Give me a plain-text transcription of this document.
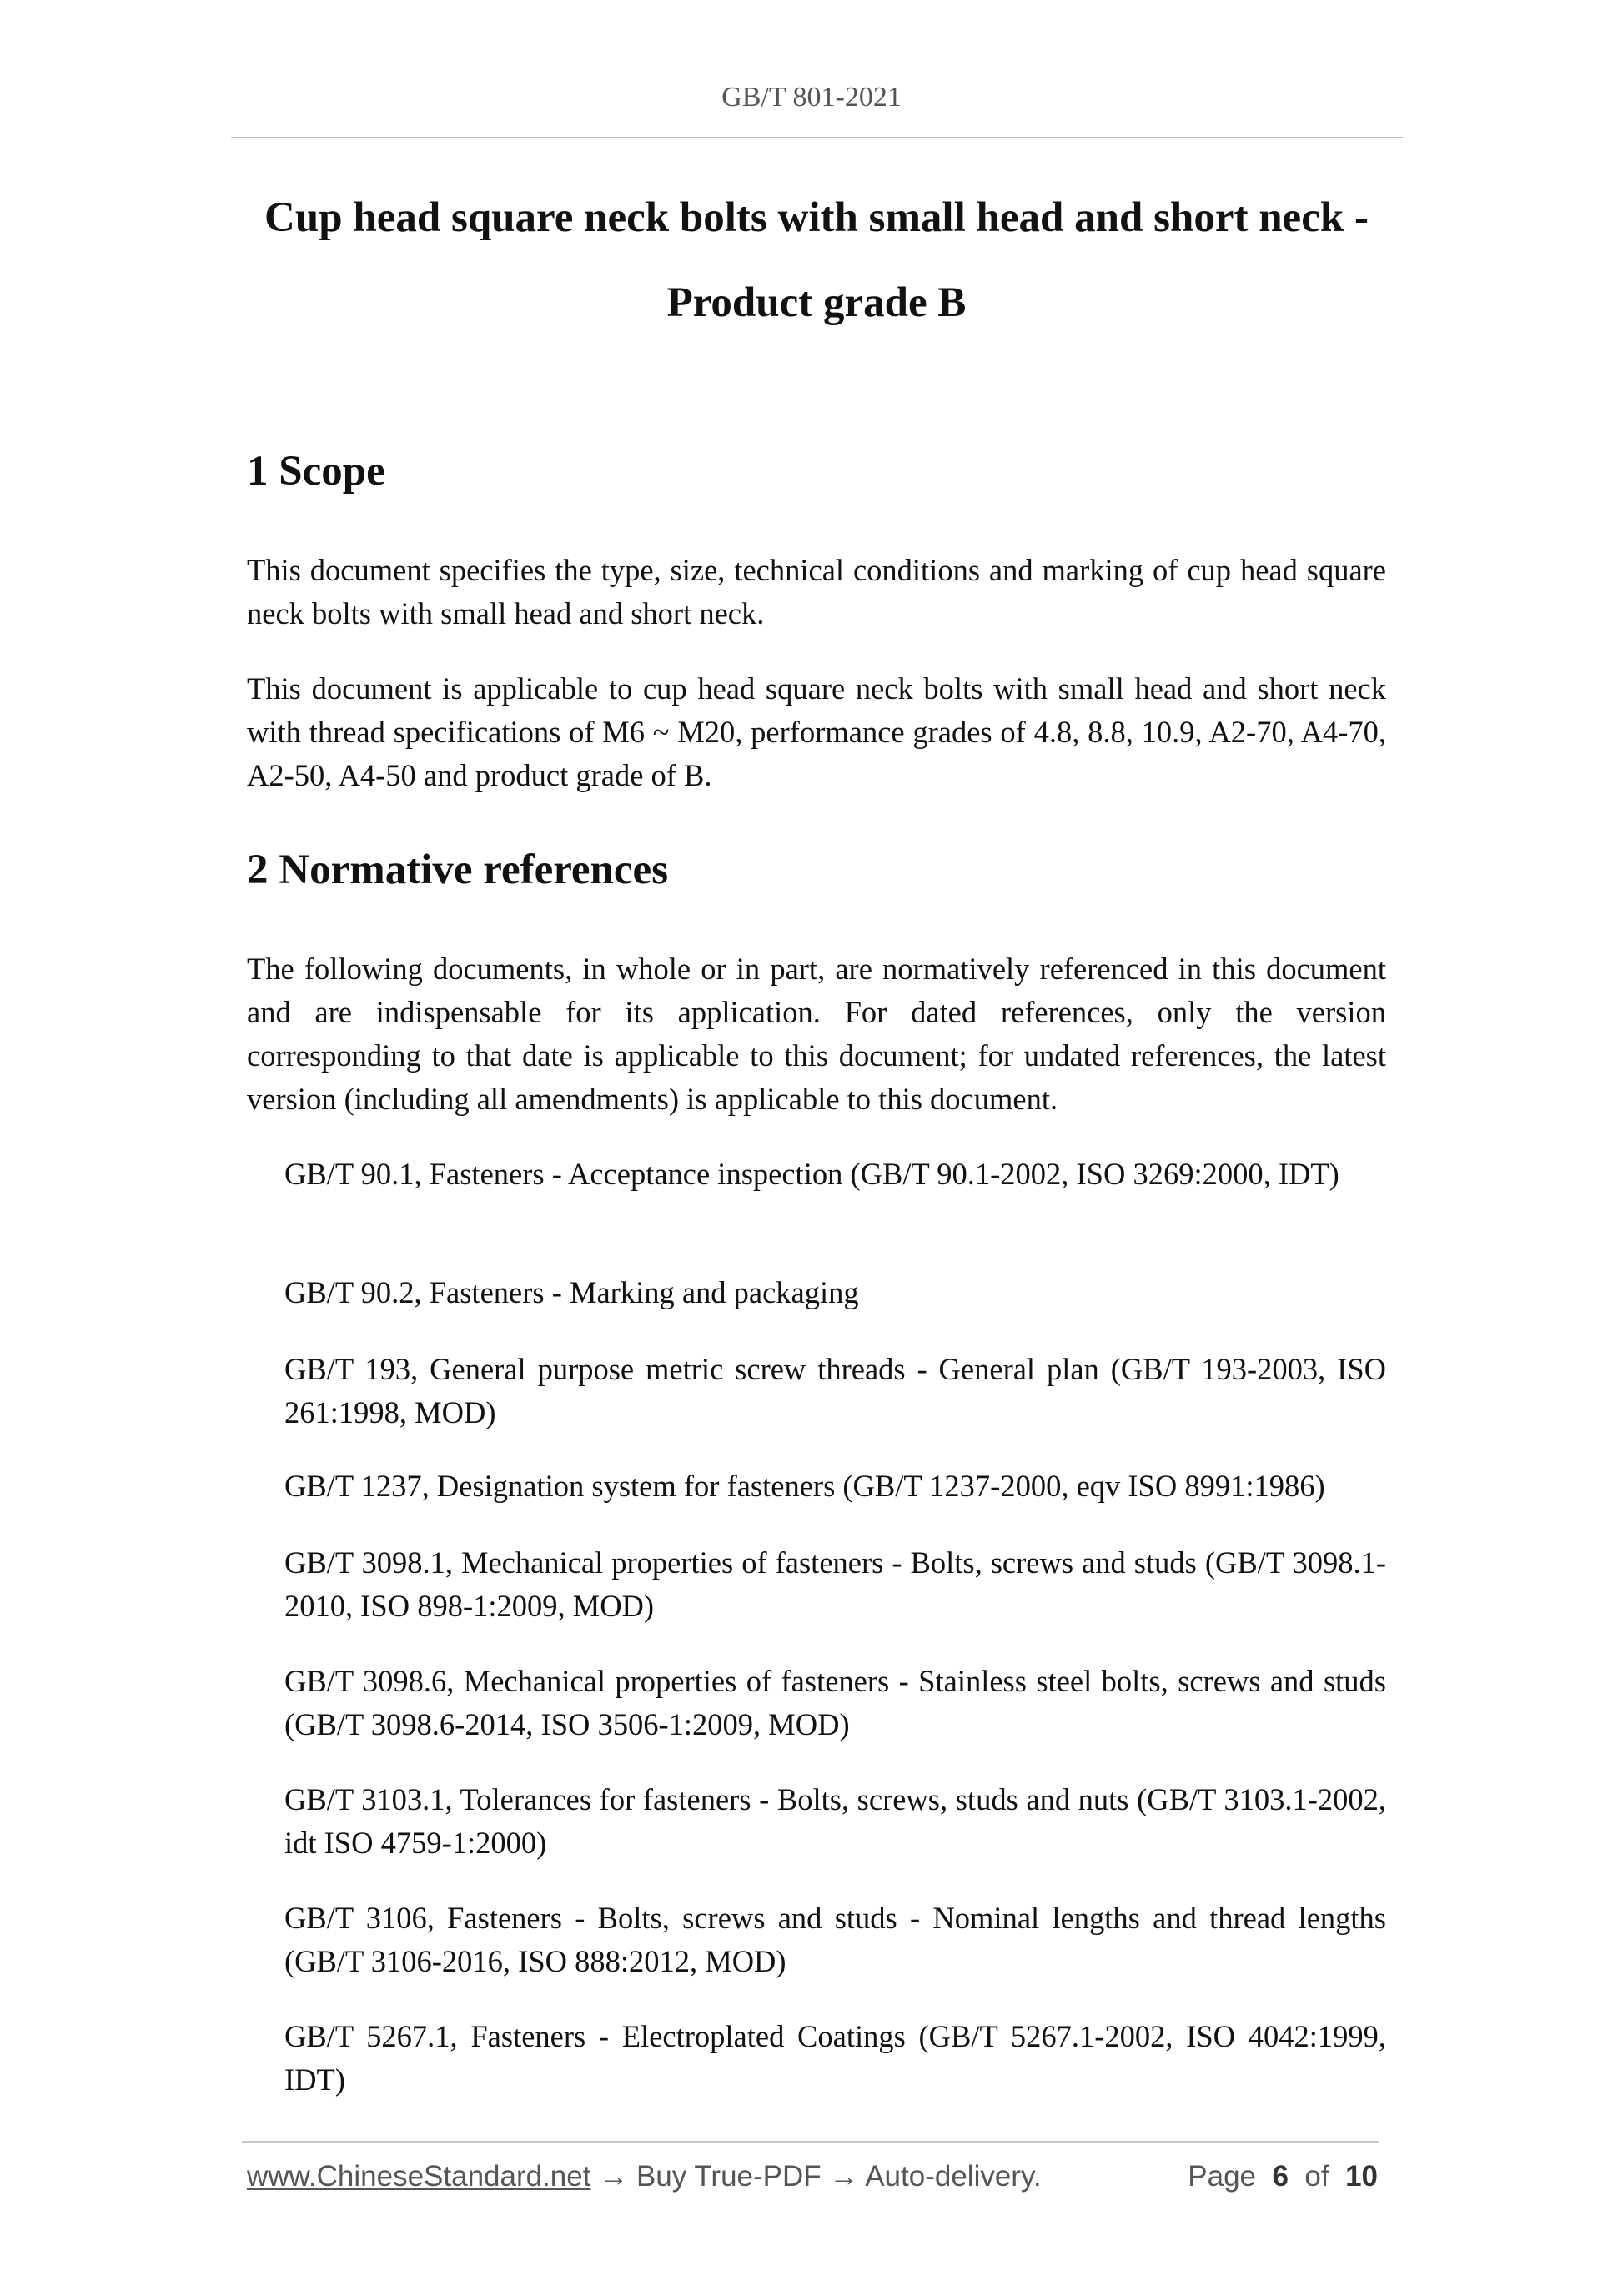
GB/T 801-2021
Cup head square neck bolts with small head and short neck -
Product grade B
1 Scope

This document specifies the type, size, technical conditions and marking of cup head square neck bolts with small head and short neck.

This document is applicable to cup head square neck bolts with small head and short neck with thread specifications of M6 ~ M20, performance grades of 4.8, 8.8, 10.9, A2-70, A4-70, A2-50, A4-50 and product grade of B.

2 Normative references

The following documents, in whole or in part, are normatively referenced in this document and are indispensable for its application. For dated references, only the version corresponding to that date is applicable to this document; for undated references, the latest version (including all amendments) is applicable to this document.

GB/T 90.1, Fasteners - Acceptance inspection (GB/T 90.1-2002, ISO 3269:2000, IDT)

GB/T 90.2, Fasteners - Marking and packaging

GB/T 193, General purpose metric screw threads - General plan (GB/T 193-2003, ISO 261:1998, MOD)

GB/T 1237, Designation system for fasteners (GB/T 1237-2000, eqv ISO 8991:1986)

GB/T 3098.1, Mechanical properties of fasteners - Bolts, screws and studs (GB/T 3098.1-2010, ISO 898-1:2009, MOD)

GB/T 3098.6, Mechanical properties of fasteners - Stainless steel bolts, screws and studs (GB/T 3098.6-2014, ISO 3506-1:2009, MOD)

GB/T 3103.1, Tolerances for fasteners - Bolts, screws, studs and nuts (GB/T 3103.1-2002, idt ISO 4759-1:2000)

GB/T 3106, Fasteners - Bolts, screws and studs - Nominal lengths and thread lengths (GB/T 3106-2016, ISO 888:2012, MOD)

GB/T 5267.1, Fasteners - Electroplated Coatings (GB/T 5267.1-2002, ISO 4042:1999, IDT)

www.ChineseStandard.net → Buy True-PDF → Auto-delivery.	Page 6 of 10
